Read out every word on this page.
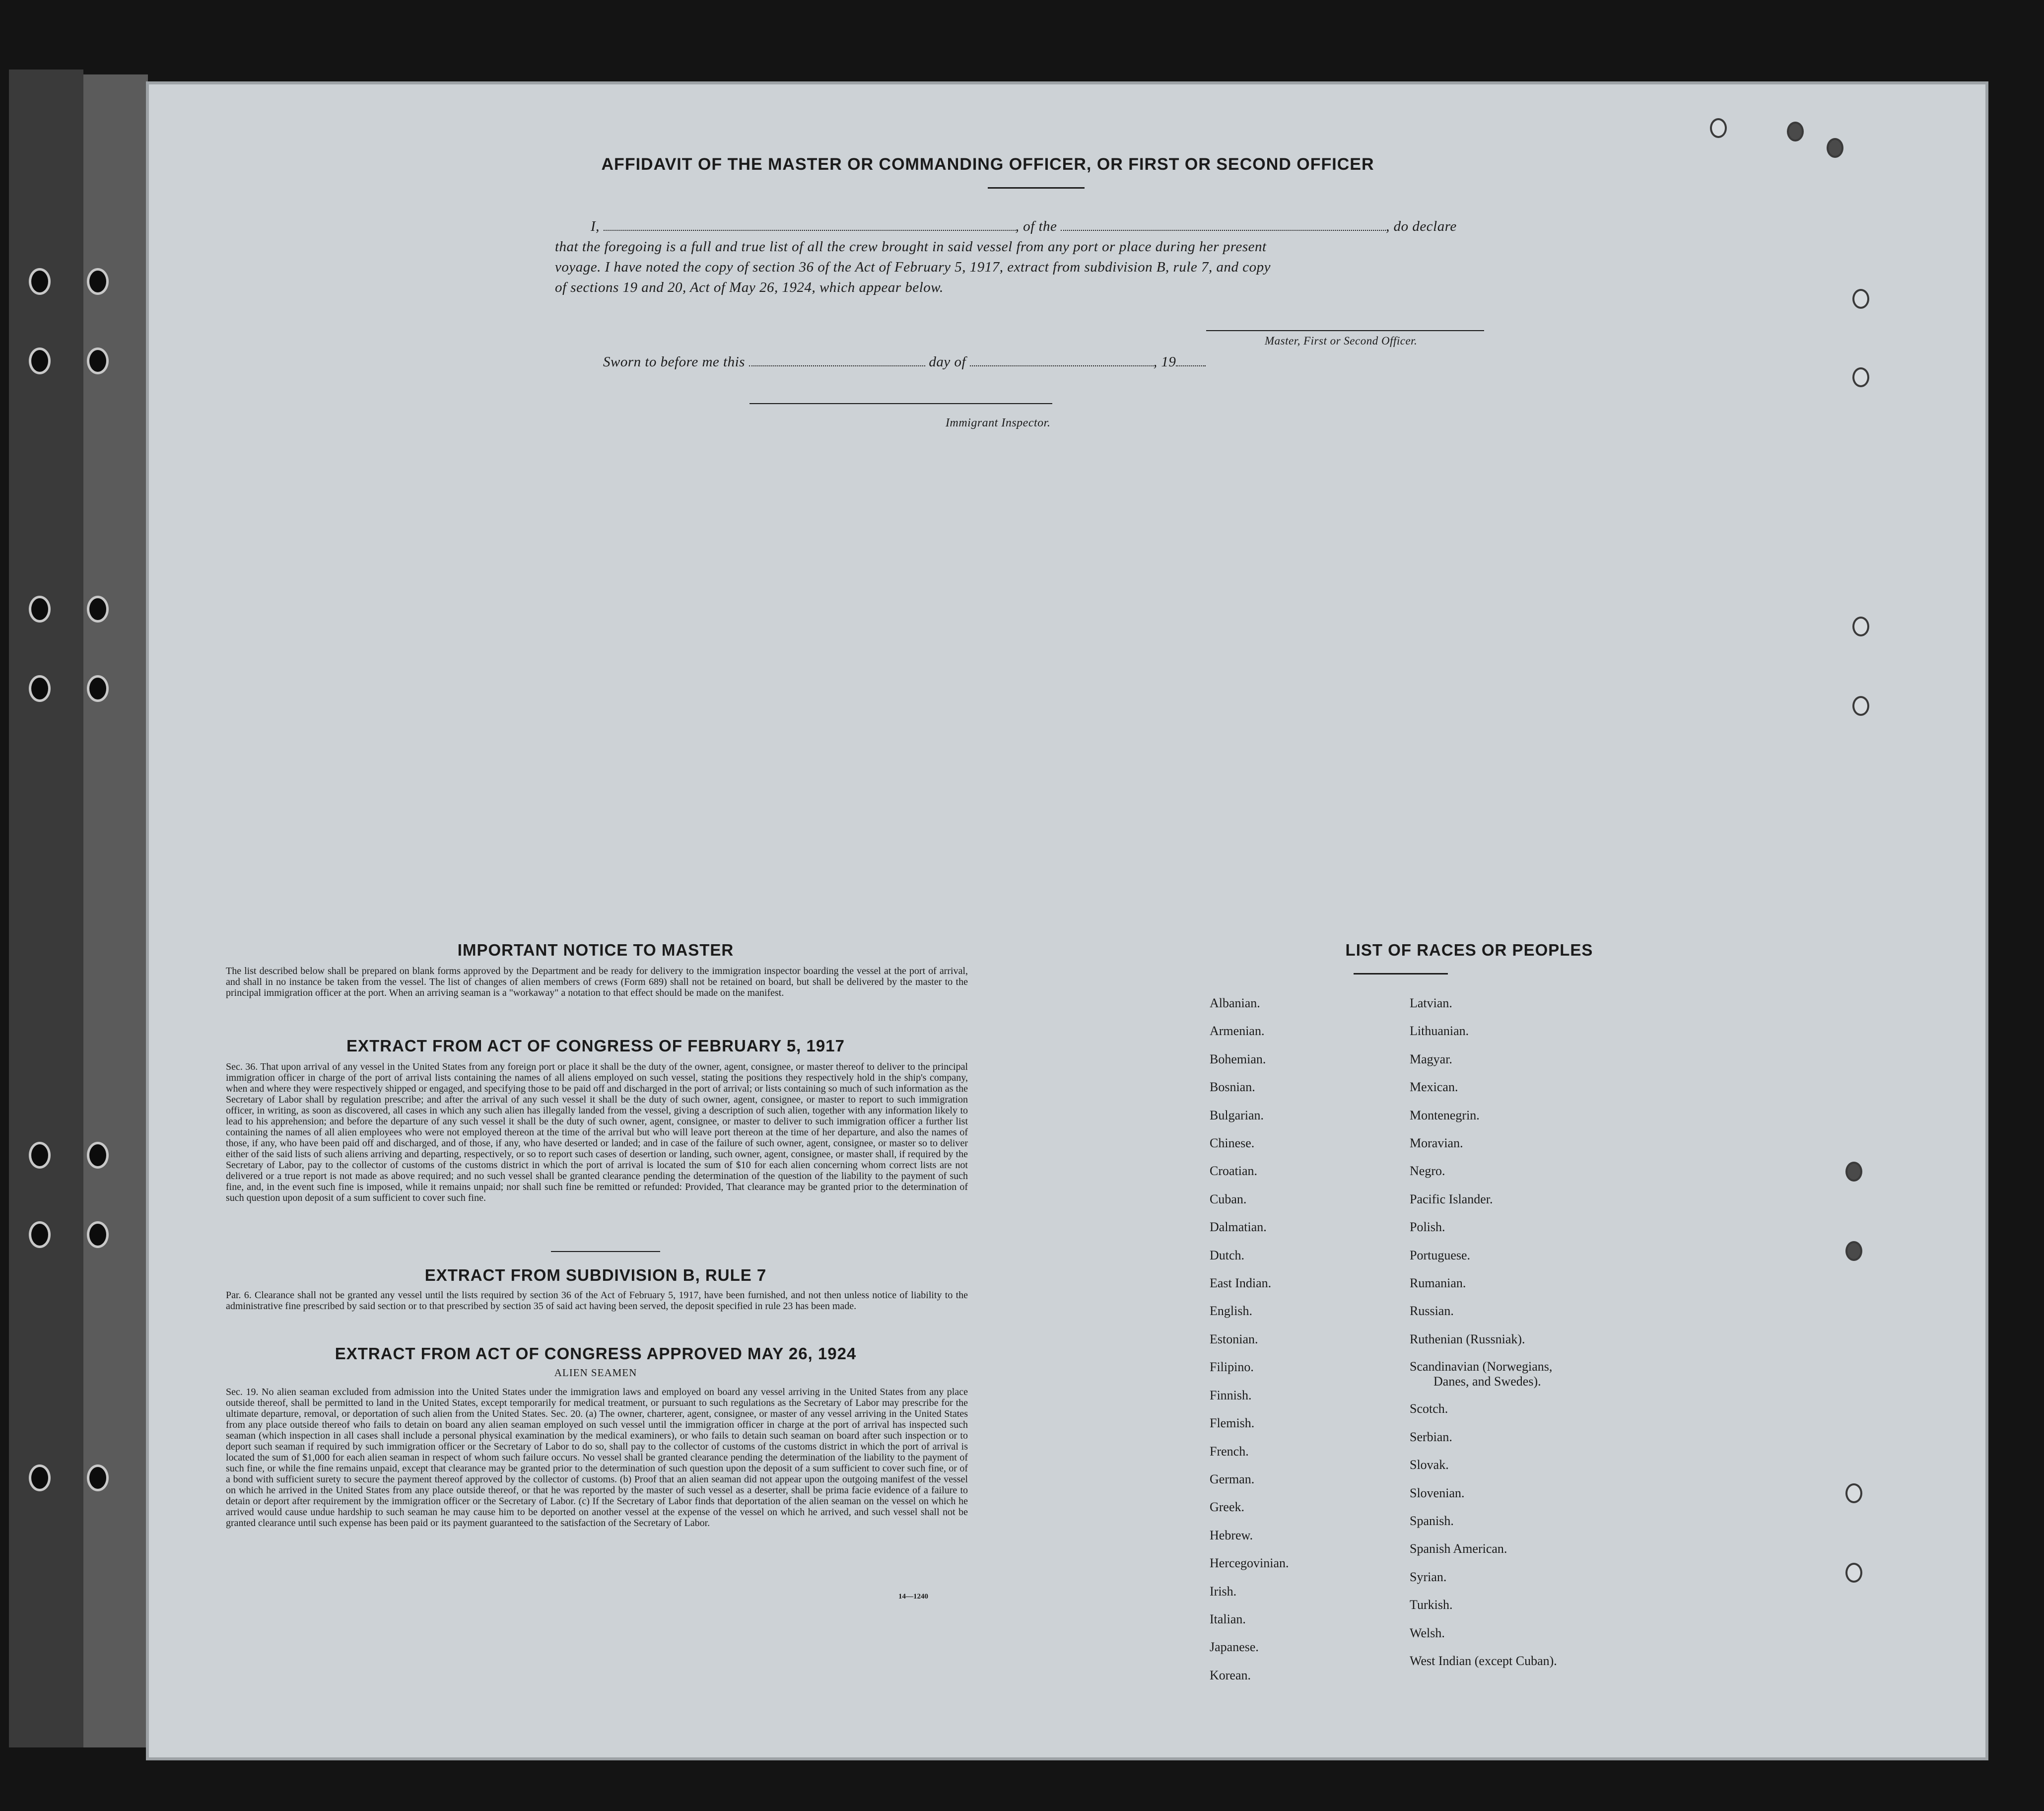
AFFIDAVIT OF THE MASTER OR COMMANDING OFFICER, OR FIRST OR SECOND OFFICER
I,	, of the	, do declare
that the foregoing is a full and true list of all the crew brought in said vessel from any port or place during her present
voyage. I have noted the copy of section 36 of the Act of February 5, 1917, extract from subdivision B, rule 7, and copy
of sections 19 and 20, Act of May 26, 1924, which appear below.
Master, First or Second Officer.
Sworn to before me this	day of	, 19
Immigrant Inspector.
IMPORTANT NOTICE TO MASTER
The list described below shall be prepared on blank forms approved by the Department and be ready for delivery to the immigration inspector boarding the vessel at the port of arrival, and shall in no instance be taken from the vessel. The list of changes of alien members of crews (Form 689) shall not be retained on board, but shall be delivered by the master to the principal immigration officer at the port. When an arriving seaman is a "workaway" a notation to that effect should be made on the manifest.
EXTRACT FROM ACT OF CONGRESS OF FEBRUARY 5, 1917
Sec. 36. That upon arrival of any vessel in the United States from any foreign port or place it shall be the duty of the owner, agent, consignee, or master thereof to deliver to the principal immigration officer in charge of the port of arrival lists containing the names of all aliens employed on such vessel, stating the positions they respectively hold in the ship's company, when and where they were respectively shipped or engaged, and specifying those to be paid off and discharged in the port of arrival; or lists containing so much of such information as the Secretary of Labor shall by regulation prescribe; and after the arrival of any such vessel it shall be the duty of such owner, agent, consignee, or master to report to such immigration officer, in writing, as soon as discovered, all cases in which any such alien has illegally landed from the vessel, giving a description of such alien, together with any information likely to lead to his apprehension; and before the departure of any such vessel it shall be the duty of such owner, agent, consignee, or master to deliver to such immigration officer a further list containing the names of all alien employees who were not employed thereon at the time of the arrival but who will leave port thereon at the time of her departure, and also the names of those, if any, who have been paid off and discharged, and of those, if any, who have deserted or landed; and in case of the failure of such owner, agent, consignee, or master so to deliver either of the said lists of such aliens arriving and departing, respectively, or so to report such cases of desertion or landing, such owner, agent, consignee, or master shall, if required by the Secretary of Labor, pay to the collector of customs of the customs district in which the port of arrival is located the sum of $10 for each alien concerning whom correct lists are not delivered or a true report is not made as above required; and no such vessel shall be granted clearance pending the determination of the question of the liability to the payment of such fine, and, in the event such fine is imposed, while it remains unpaid; nor shall such fine be remitted or refunded: Provided, That clearance may be granted prior to the determination of such question upon deposit of a sum sufficient to cover such fine.
EXTRACT FROM SUBDIVISION B, RULE 7
Par. 6. Clearance shall not be granted any vessel until the lists required by section 36 of the Act of February 5, 1917, have been furnished, and not then unless notice of liability to the administrative fine prescribed by said section or to that prescribed by section 35 of said act having been served, the deposit specified in rule 23 has been made.
EXTRACT FROM ACT OF CONGRESS APPROVED MAY 26, 1924
ALIEN SEAMEN
Sec. 19. No alien seaman excluded from admission into the United States under the immigration laws and employed on board any vessel arriving in the United States from any place outside thereof, shall be permitted to land in the United States, except temporarily for medical treatment, or pursuant to such regulations as the Secretary of Labor may prescribe for the ultimate departure, removal, or deportation of such alien from the United States. Sec. 20. (a) The owner, charterer, agent, consignee, or master of any vessel arriving in the United States from any place outside thereof who fails to detain on board any alien seaman employed on such vessel until the immigration officer in charge at the port of arrival has inspected such seaman (which inspection in all cases shall include a personal physical examination by the medical examiners), or who fails to detain such seaman on board after such inspection or to deport such seaman if required by such immigration officer or the Secretary of Labor to do so, shall pay to the collector of customs of the customs district in which the port of arrival is located the sum of $1,000 for each alien seaman in respect of whom such failure occurs. No vessel shall be granted clearance pending the determination of the liability to the payment of such fine, or while the fine remains unpaid, except that clearance may be granted prior to the determination of such question upon the deposit of a sum sufficient to cover such fine, or of a bond with sufficient surety to secure the payment thereof approved by the collector of customs. (b) Proof that an alien seaman did not appear upon the outgoing manifest of the vessel on which he arrived in the United States from any place outside thereof, or that he was reported by the master of such vessel as a deserter, shall be prima facie evidence of a failure to detain or deport after requirement by the immigration officer or the Secretary of Labor. (c) If the Secretary of Labor finds that deportation of the alien seaman on the vessel on which he arrived would cause undue hardship to such seaman he may cause him to be deported on another vessel at the expense of the vessel on which he arrived, and such vessel shall not be granted clearance until such expense has been paid or its payment guaranteed to the satisfaction of the Secretary of Labor.
14—1240
LIST OF RACES OR PEOPLES
Albanian.
Armenian.
Bohemian.
Bosnian.
Bulgarian.
Chinese.
Croatian.
Cuban.
Dalmatian.
Dutch.
East Indian.
English.
Estonian.
Filipino.
Finnish.
Flemish.
French.
German.
Greek.
Hebrew.
Hercegovinian.
Irish.
Italian.
Japanese.
Korean.
Latvian.
Lithuanian.
Magyar.
Mexican.
Montenegrin.
Moravian.
Negro.
Pacific Islander.
Polish.
Portuguese.
Rumanian.
Russian.
Ruthenian (Russniak).
Scandinavian (Norwegians,
Danes, and Swedes).
Scotch.
Serbian.
Slovak.
Slovenian.
Spanish.
Spanish American.
Syrian.
Turkish.
Welsh.
West Indian (except Cuban).
